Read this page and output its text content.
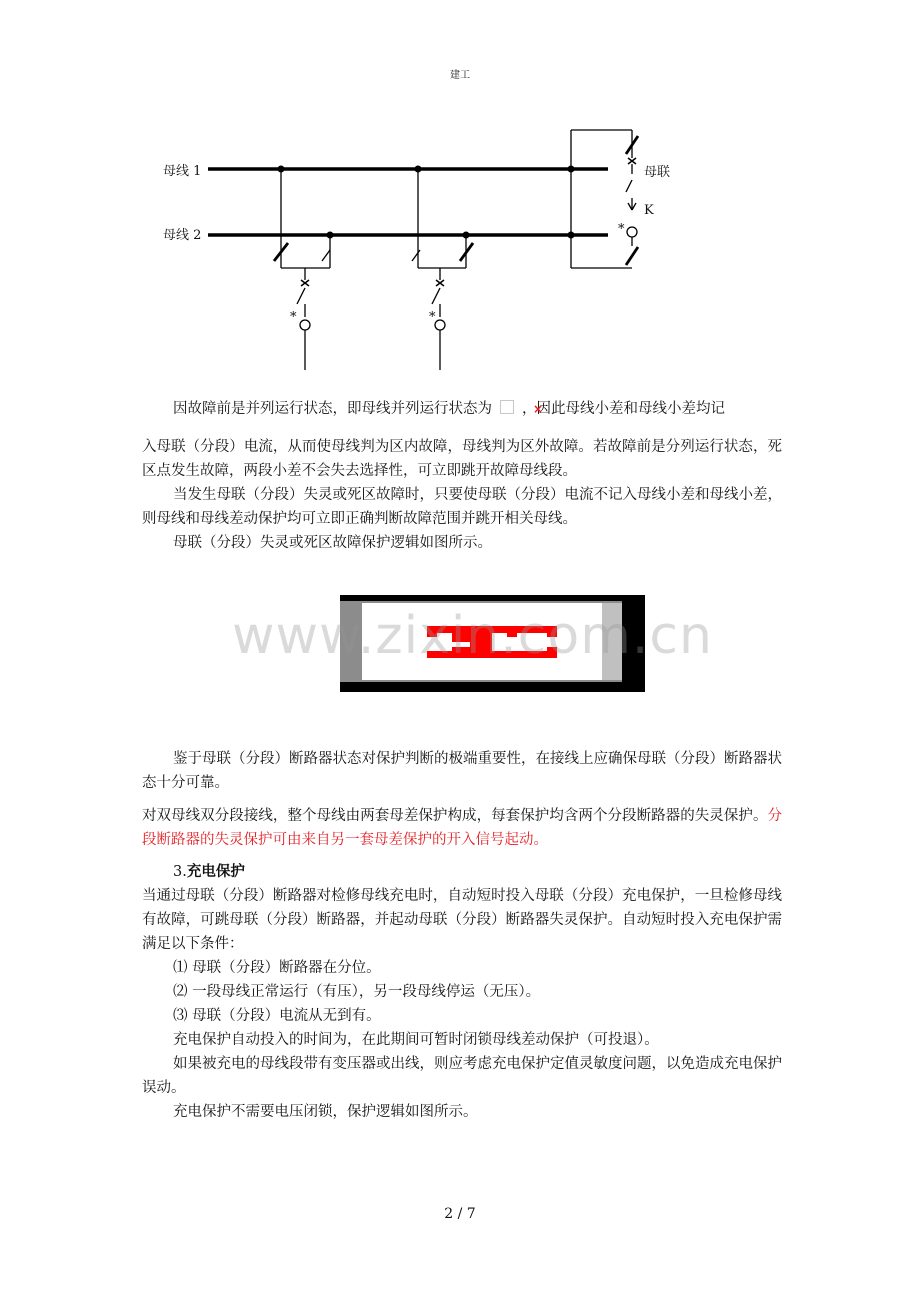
建工
母线 1
母线 2
母联
K
*
*	*
因故障前是并列运行状态，即母线并列运行状态为× ，因此母线小差和母线小差均记
入母联（分段）电流，从而使母线判为区内故障，母线判为区外故障。若故障前是分列运行状态，死区点发生故障，两段小差不会失去选择性，可立即跳开故障母线段。
当发生母联（分段）失灵或死区故障时，只要使母联（分段）电流不记入母线小差和母线小差，则母线和母线差动保护均可立即正确判断故障范围并跳开相关母线。
母联（分段）失灵或死区故障保护逻辑如图所示。
www.zixin.com.cn
鉴于母联（分段）断路器状态对保护判断的极端重要性，在接线上应确保母联（分段）断路器状态十分可靠。
对双母线双分段接线，整个母线由两套母差保护构成，每套保护均含两个分段断路器的失灵保护。分段断路器的失灵保护可由来自另一套母差保护的开入信号起动。
3.充电保护
当通过母联（分段）断路器对检修母线充电时，自动短时投入母联（分段）充电保护，一旦检修母线有故障，可跳母联（分段）断路器，并起动母联（分段）断路器失灵保护。自动短时投入充电保护需满足以下条件：
⑴ 母联（分段）断路器在分位。
⑵ 一段母线正常运行（有压），另一段母线停运（无压）。
⑶ 母联（分段）电流从无到有。
充电保护自动投入的时间为，在此期间可暂时闭锁母线差动保护（可投退）。
如果被充电的母线段带有变压器或出线，则应考虑充电保护定值灵敏度问题，以免造成充电保护误动。
充电保护不需要电压闭锁，保护逻辑如图所示。
2 / 7
